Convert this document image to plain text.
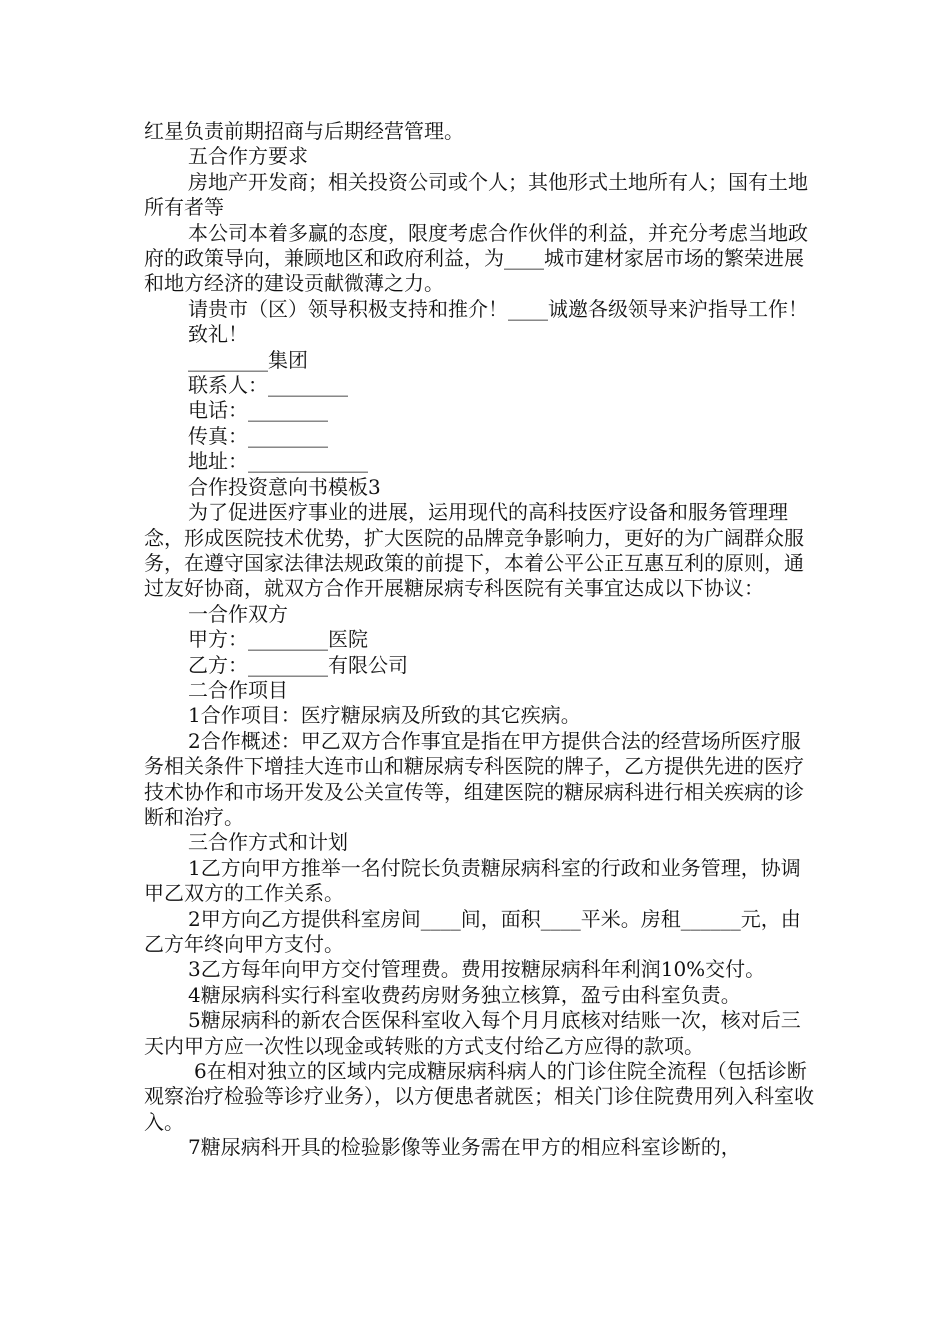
红星负责前期招商与后期经营管理。

五合作方要求

房地产开发商；相关投资公司或个人；其他形式土地所有人；国有土地所有者等

本公司本着多赢的态度，限度考虑合作伙伴的利益，并充分考虑当地政府的政策导向，兼顾地区和政府利益，为____城市建材家居市场的繁荣进展和地方经济的建设贡献微薄之力。

请贵市（区）领导积极支持和推介！____诚邀各级领导来沪指导工作！

致礼！

________集团

联系人：________

电话：________

传真：________

地址：____________

合作投资意向书模板3

为了促进医疗事业的进展，运用现代的高科技医疗设备和服务管理理念，形成医院技术优势，扩大医院的品牌竞争影响力，更好的为广阔群众服务，在遵守国家法律法规政策的前提下，本着公平公正互惠互利的原则，通过友好协商，就双方合作开展糖尿病专科医院有关事宜达成以下协议：

一合作双方

甲方：________医院

乙方：________有限公司

二合作项目

1合作项目：医疗糖尿病及所致的其它疾病。

2合作概述：甲乙双方合作事宜是指在甲方提供合法的经营场所医疗服务相关条件下增挂大连市山和糖尿病专科医院的牌子，乙方提供先进的医疗技术协作和市场开发及公关宣传等，组建医院的糖尿病科进行相关疾病的诊断和治疗。

三合作方式和计划

1乙方向甲方推举一名付院长负责糖尿病科室的行政和业务管理，协调甲乙双方的工作关系。

2甲方向乙方提供科室房间____间，面积____平米。房租______元，由乙方年终向甲方支付。

3乙方每年向甲方交付管理费。费用按糖尿病科年利润10%交付。

4糖尿病科实行科室收费药房财务独立核算，盈亏由科室负责。

5糖尿病科的新农合医保科室收入每个月月底核对结账一次，核对后三天内甲方应一次性以现金或转账的方式支付给乙方应得的款项。

6在相对独立的区域内完成糖尿病科病人的门诊住院全流程（包括诊断观察治疗检验等诊疗业务），以方便患者就医；相关门诊住院费用列入科室收入。

7糖尿病科开具的检验影像等业务需在甲方的相应科室诊断的，
